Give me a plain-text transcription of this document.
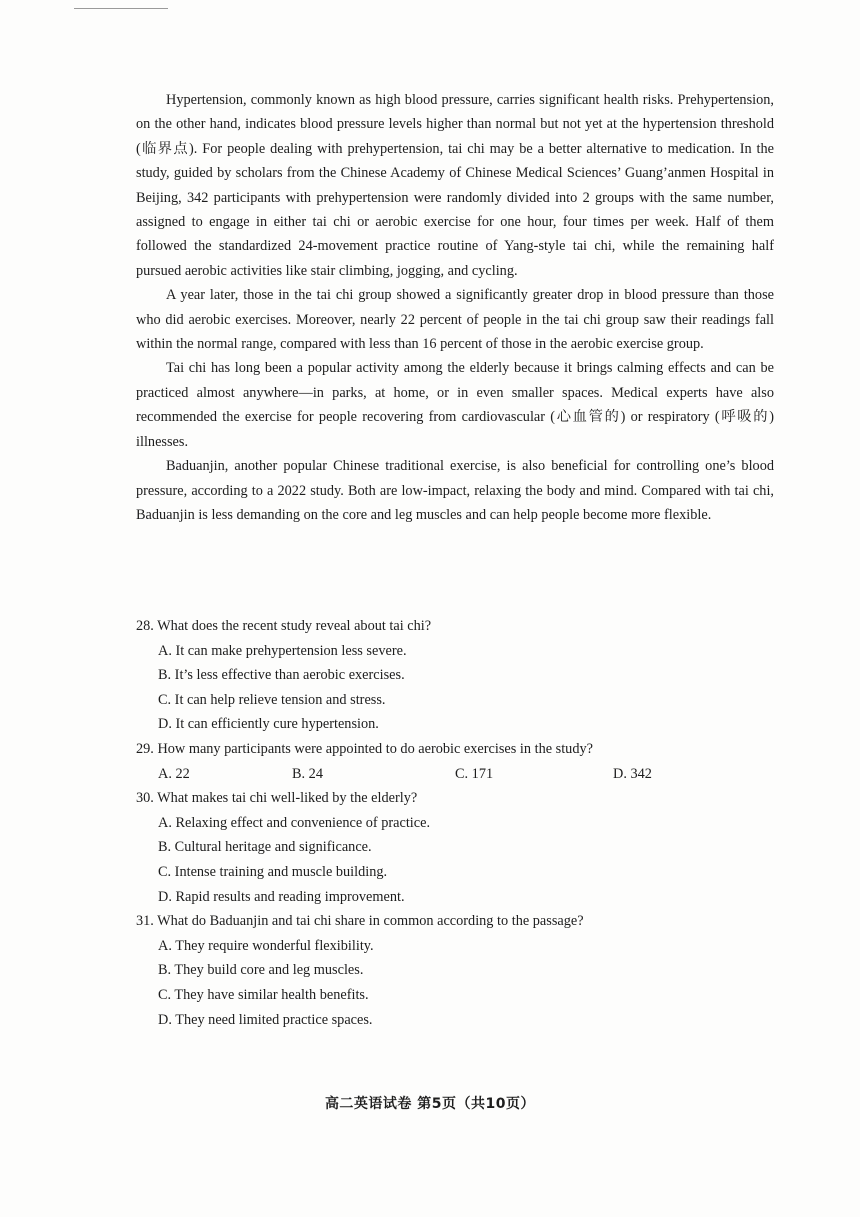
Hypertension, commonly known as high blood pressure, carries significant health risks. Prehypertension, on the other hand, indicates blood pressure levels higher than normal but not yet at the hypertension threshold (临界点). For people dealing with prehypertension, tai chi may be a better alternative to medication. In the study, guided by scholars from the Chinese Academy of Chinese Medical Sciences’ Guang’anmen Hospital in Beijing, 342 participants with prehypertension were randomly divided into 2 groups with the same number, assigned to engage in either tai chi or aerobic exercise for one hour, four times per week. Half of them followed the standardized 24-movement practice routine of Yang-style tai chi, while the remaining half pursued aerobic activities like stair climbing, jogging, and cycling.

A year later, those in the tai chi group showed a significantly greater drop in blood pressure than those who did aerobic exercises. Moreover, nearly 22 percent of people in the tai chi group saw their readings fall within the normal range, compared with less than 16 percent of those in the aerobic exercise group.

Tai chi has long been a popular activity among the elderly because it brings calming effects and can be practiced almost anywhere—in parks, at home, or in even smaller spaces. Medical experts have also recommended the exercise for people recovering from cardiovascular (心血管的) or respiratory (呼吸的) illnesses.

Baduanjin, another popular Chinese traditional exercise, is also beneficial for controlling one’s blood pressure, according to a 2022 study. Both are low-impact, relaxing the body and mind. Compared with tai chi, Baduanjin is less demanding on the core and leg muscles and can help people become more flexible.

28. What does the recent study reveal about tai chi?
A. It can make prehypertension less severe.
B. It’s less effective than aerobic exercises.
C. It can help relieve tension and stress.
D. It can efficiently cure hypertension.
29. How many participants were appointed to do aerobic exercises in the study?
A. 22	B. 24	C. 171	D. 342
30. What makes tai chi well-liked by the elderly?
A. Relaxing effect and convenience of practice.
B. Cultural heritage and significance.
C. Intense training and muscle building.
D. Rapid results and reading improvement.
31. What do Baduanjin and tai chi share in common according to the passage?
A. They require wonderful flexibility.
B. They build core and leg muscles.
C. They have similar health benefits.
D. They need limited practice spaces.
高二英语试卷 第5页（共10页）
